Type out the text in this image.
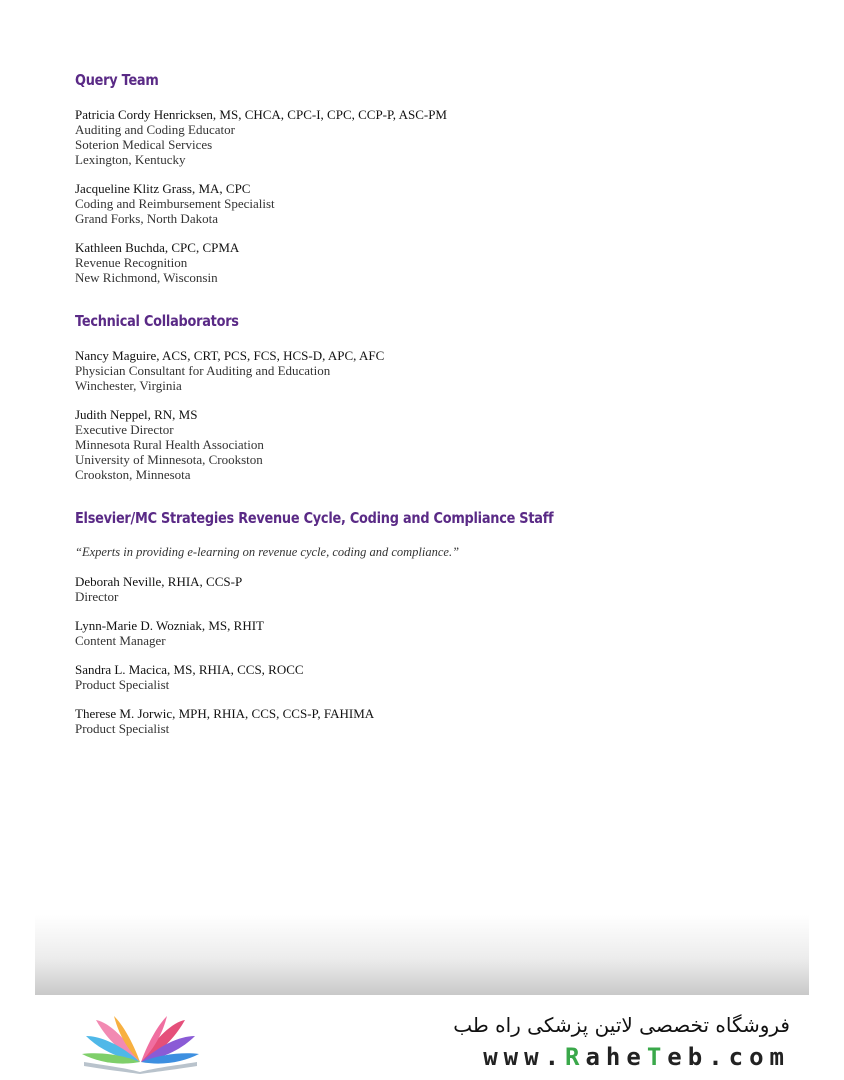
Query Team
Patricia Cordy Henricksen, MS, CHCA, CPC-I, CPC, CCP-P, ASC-PM
Auditing and Coding Educator
Soterion Medical Services
Lexington, Kentucky
Jacqueline Klitz Grass, MA, CPC
Coding and Reimbursement Specialist
Grand Forks, North Dakota
Kathleen Buchda, CPC, CPMA
Revenue Recognition
New Richmond, Wisconsin
Technical Collaborators
Nancy Maguire, ACS, CRT, PCS, FCS, HCS-D, APC, AFC
Physician Consultant for Auditing and Education
Winchester, Virginia
Judith Neppel, RN, MS
Executive Director
Minnesota Rural Health Association
University of Minnesota, Crookston
Crookston, Minnesota
Elsevier/MC Strategies Revenue Cycle, Coding and Compliance Staff
“Experts in providing e-learning on revenue cycle, coding and compliance.”
Deborah Neville, RHIA, CCS-P
Director
Lynn-Marie D. Wozniak, MS, RHIT
Content Manager
Sandra L. Macica, MS, RHIA, CCS, ROCC
Product Specialist
Therese M. Jorwic, MPH, RHIA, CCS, CCS-P, FAHIMA
Product Specialist
فروشگاه تخصصی لاتین پزشکی راه طب
www.RaheTeb.com
